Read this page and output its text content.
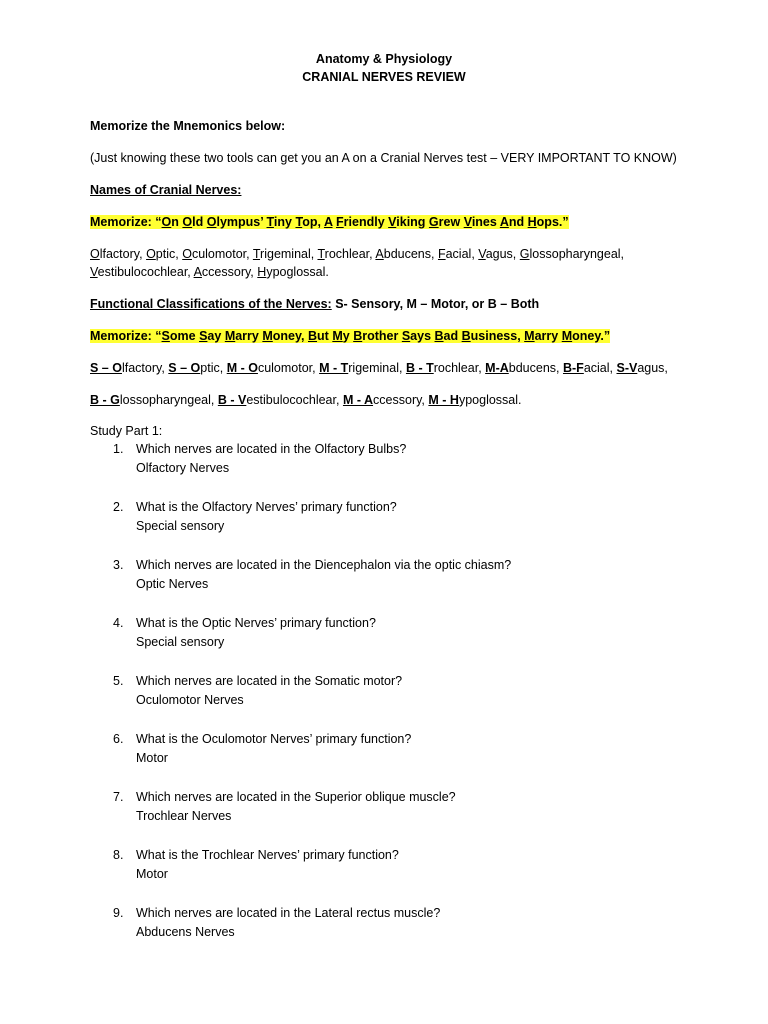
Anatomy & Physiology
CRANIAL NERVES REVIEW
Memorize the Mnemonics below:
(Just knowing these two tools can get you an A on a Cranial Nerves test – VERY IMPORTANT TO KNOW)
Names of Cranial Nerves:
Memorize: “On Old Olympus’ Tiny Top, A Friendly Viking Grew Vines And Hops.”
Olfactory, Optic, Oculomotor, Trigeminal, Trochlear, Abducens, Facial, Vagus, Glossopharyngeal,
Vestibulocochlear, Accessory, Hypoglossal.
Functional Classifications of the Nerves: S- Sensory, M – Motor, or B – Both
Memorize: “Some Say Marry Money, But My Brother Says Bad Business, Marry Money.”
S – Olfactory, S – Optic, M - Oculomotor, M - Trigeminal, B - Trochlear, M-Abducens, B-Facial, S-Vagus,
B - Glossopharyngeal, B - Vestibulocochlear, M - Accessory, M - Hypoglossal.
Study Part 1:
1. Which nerves are located in the Olfactory Bulbs?
Olfactory Nerves
2. What is the Olfactory Nerves’ primary function?
Special sensory
3. Which nerves are located in the Diencephalon via the optic chiasm?
Optic Nerves
4. What is the Optic Nerves’ primary function?
Special sensory
5. Which nerves are located in the Somatic motor?
Oculomotor Nerves
6. What is the Oculomotor Nerves’ primary function?
Motor
7. Which nerves are located in the Superior oblique muscle?
Trochlear Nerves
8. What is the Trochlear Nerves’ primary function?
Motor
9. Which nerves are located in the Lateral rectus muscle?
Abducens Nerves
